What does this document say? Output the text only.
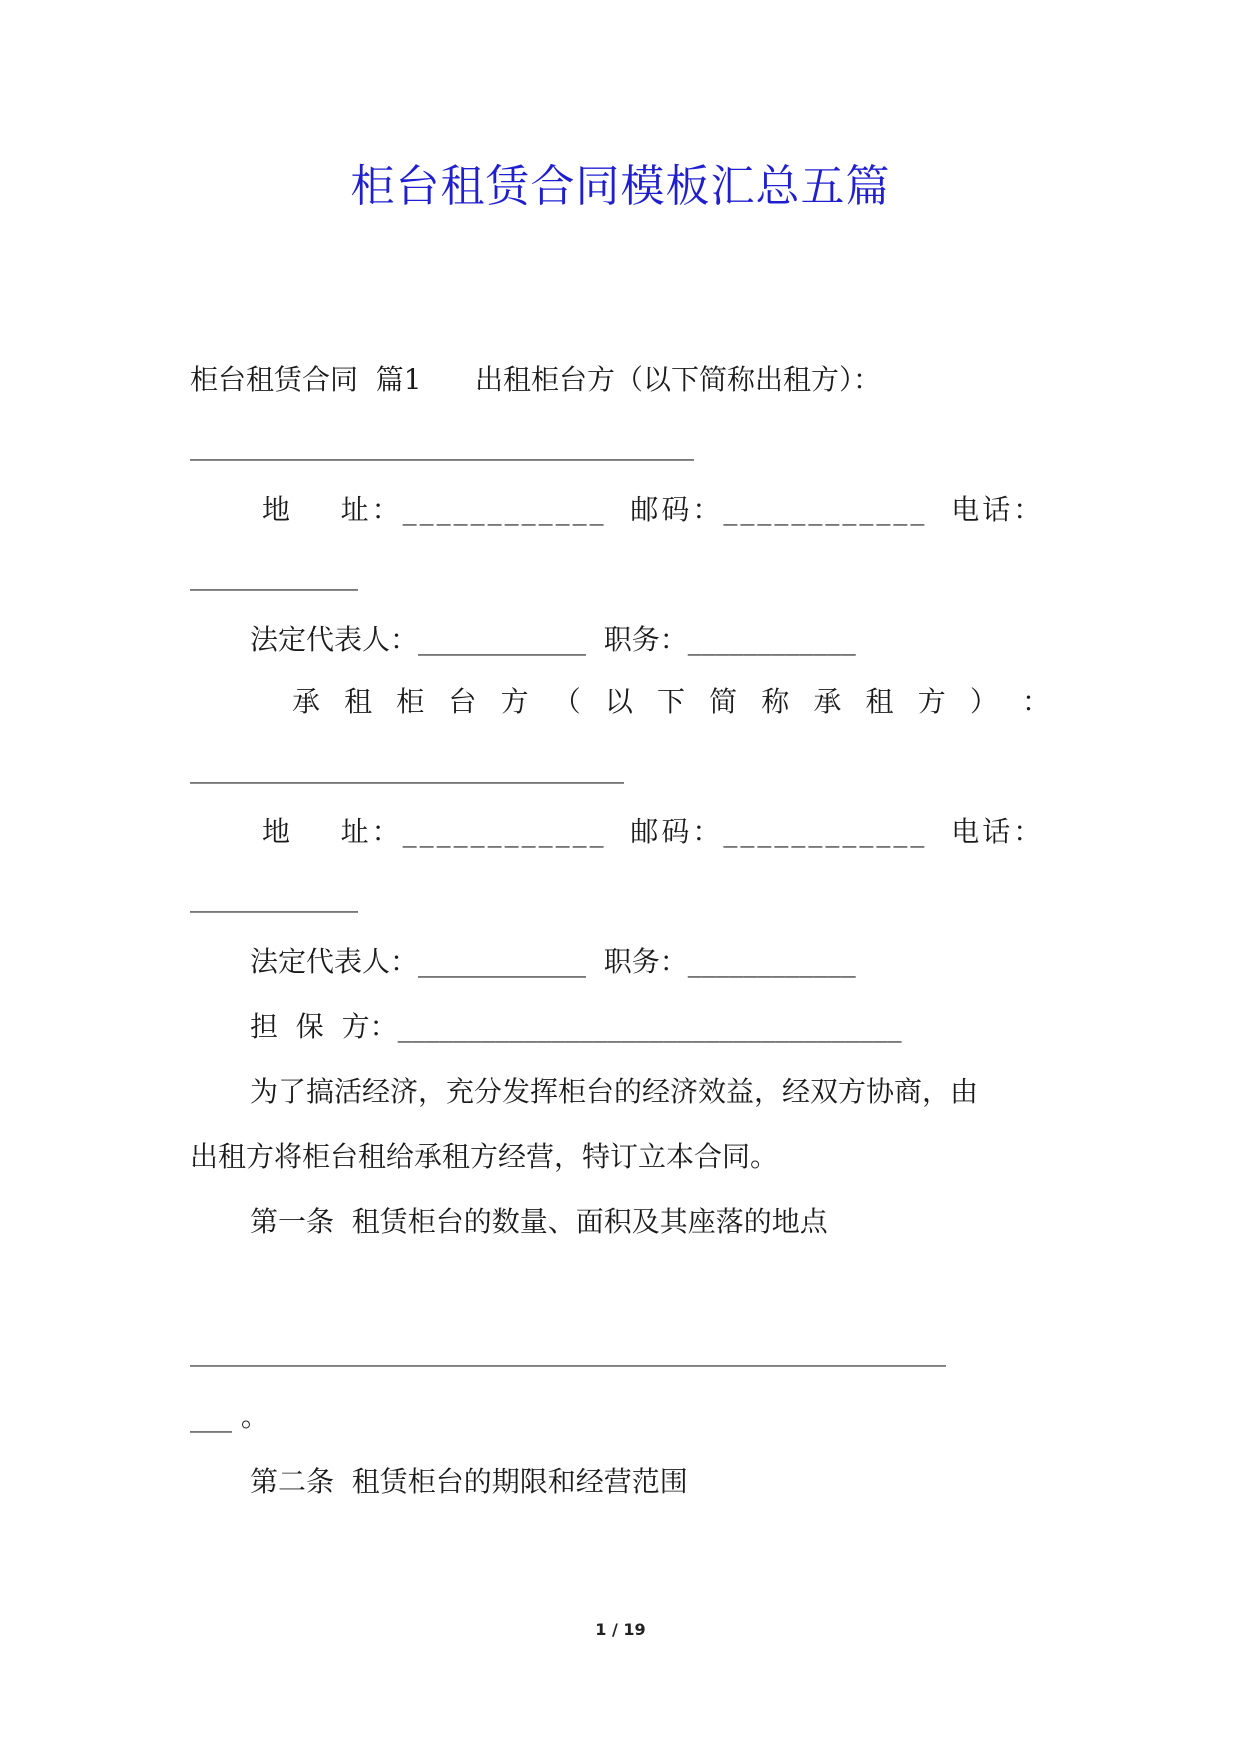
柜台租赁合同模板汇总五篇
柜台租赁合同  篇1      出租柜台方（以下简称出租方）：
____________________________________
地    址：____________  邮码：____________  电话：
____________
法定代表人：____________  职务：____________
承 租 柜 台 方 （ 以 下 简 称 承 租 方 ） ：
_______________________________
地    址：____________  邮码：____________  电话：
____________
法定代表人：____________  职务：____________
担  保  方：____________________________________
为了搞活经济，充分发挥柜台的经济效益，经双方协商，由
出租方将柜台租给承租方经营，特订立本合同。
第一条  租赁柜台的数量、面积及其座落的地点
________________________________________________________
___ 。
第二条  租赁柜台的期限和经营范围
1 / 19
